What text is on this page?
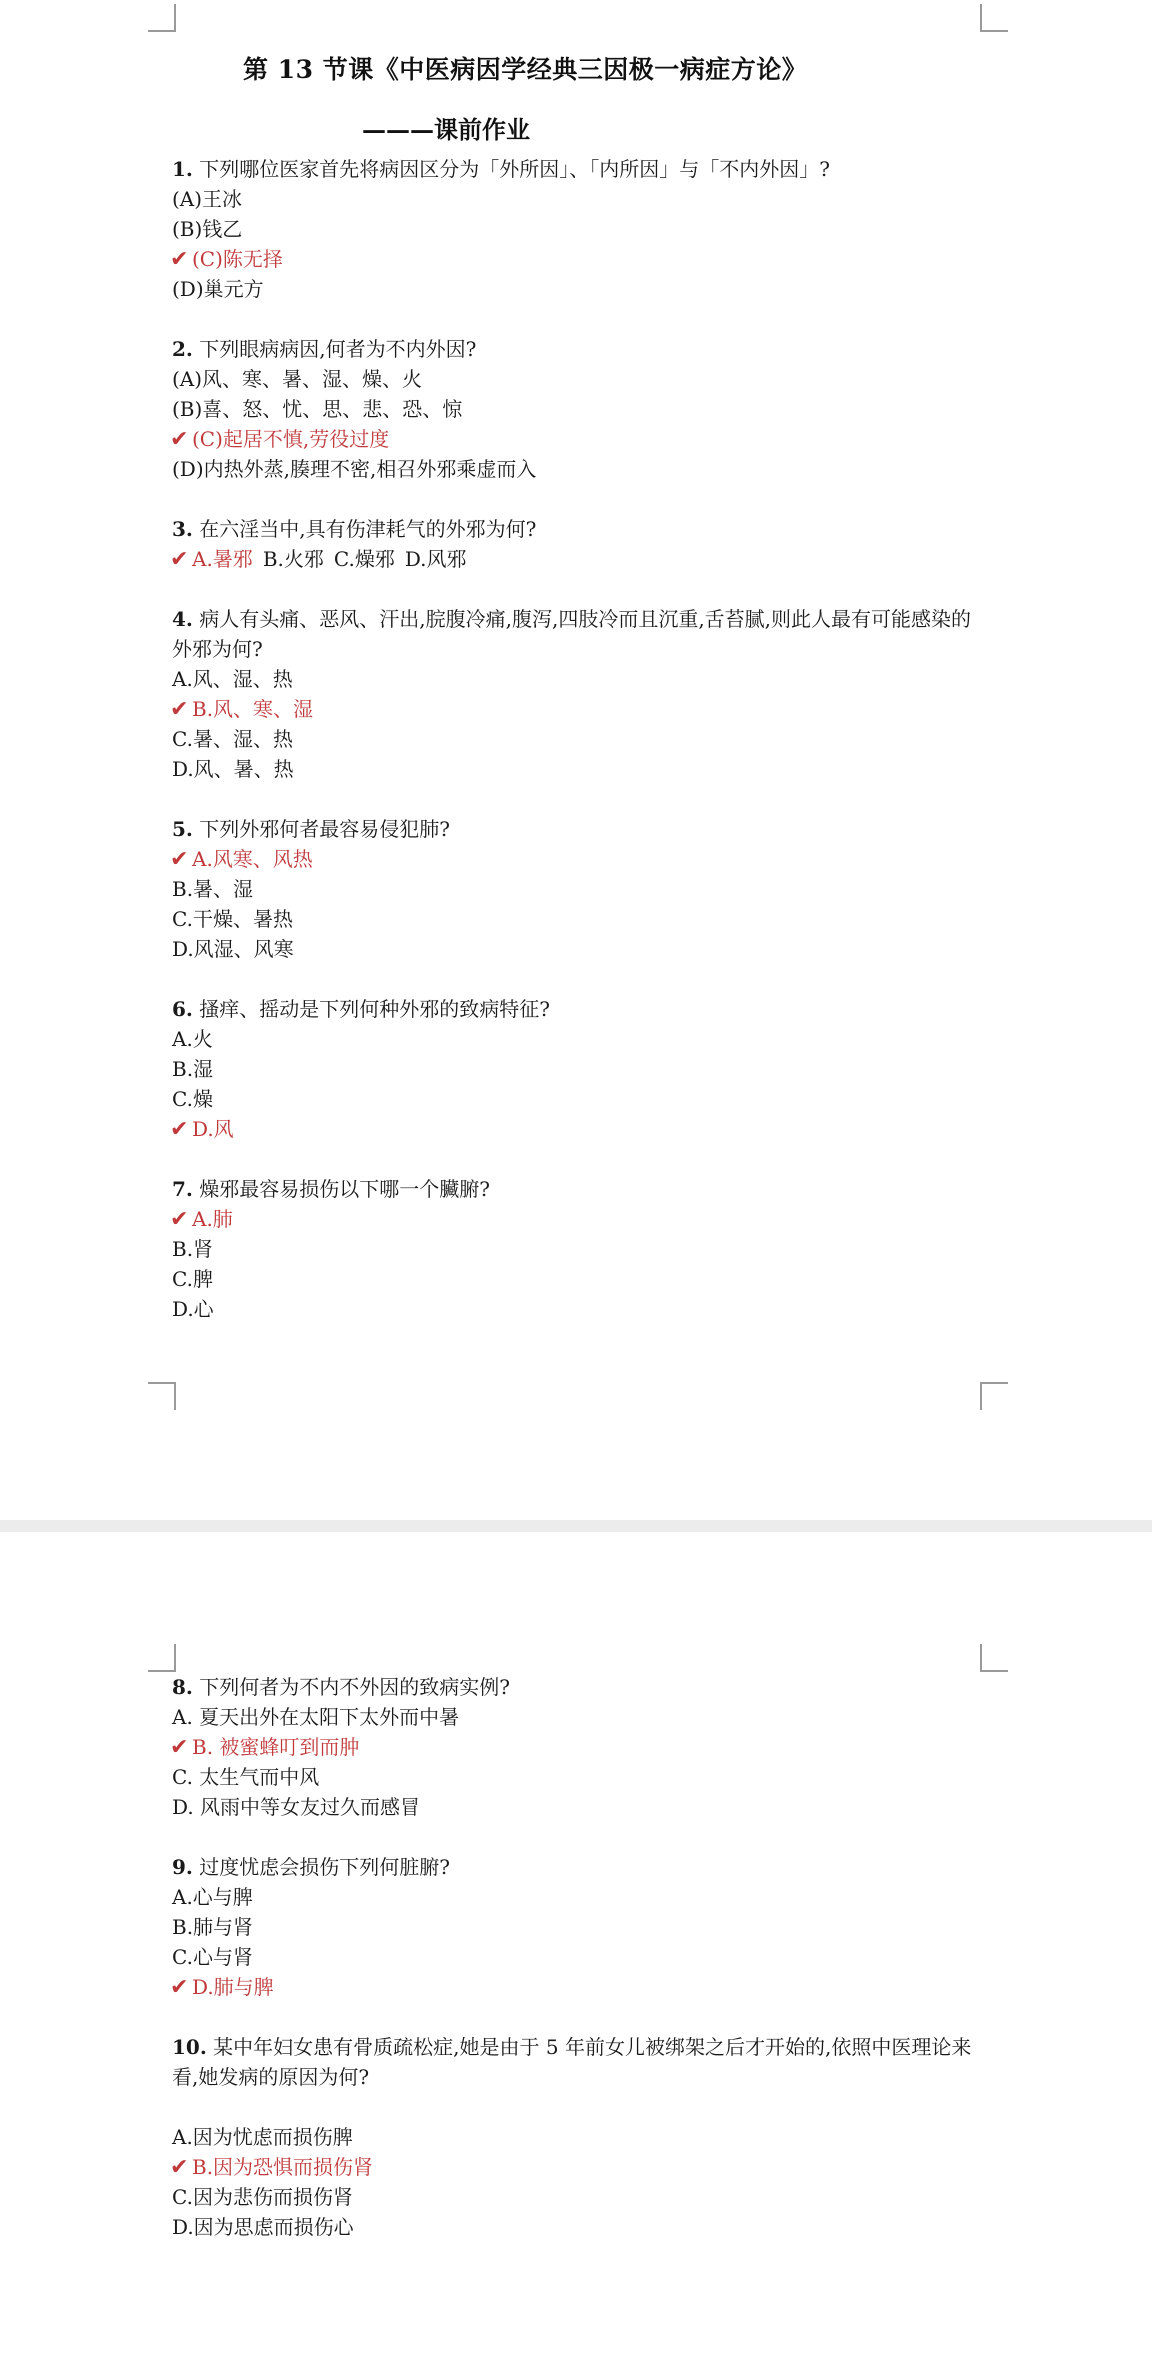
第 13 节课《中医病因学经典三因极一病症方论》
———课前作业
1. 下列哪位医家首先将病因区分为「外所因」、「内所因」与「不内外因」?
(A)王冰
(B)钱乙
✔ (C)陈无择
(D)巢元方
2. 下列眼病病因,何者为不内外因?
(A)风、寒、暑、湿、燥、火
(B)喜、怒、忧、思、悲、恐、惊
✔ (C)起居不慎,劳役过度
(D)内热外蒸,腠理不密,相召外邪乘虚而入
3. 在六淫当中,具有伤津耗气的外邪为何?
✔ A.暑邪 B.火邪 C.燥邪 D.风邪
4. 病人有头痛、恶风、汗出,脘腹冷痛,腹泻,四肢冷而且沉重,舌苔腻,则此人最有可能感染的外邪为何?
A.风、湿、热
✔ B.风、寒、湿
C.暑、湿、热
D.风、暑、热
5. 下列外邪何者最容易侵犯肺?
✔ A.风寒、风热
B.暑、湿
C.干燥、暑热
D.风湿、风寒
6. 搔痒、摇动是下列何种外邪的致病特征?
A.火
B.湿
C.燥
✔ D.风
7. 燥邪最容易损伤以下哪一个臟腑?
✔ A.肺
B.肾
C.脾
D.心
8. 下列何者为不内不外因的致病实例?
A. 夏天出外在太阳下太外而中暑
✔ B. 被蜜蜂叮到而肿
C. 太生气而中风
D. 风雨中等女友过久而感冒
9. 过度忧虑会损伤下列何脏腑?
A.心与脾
B.肺与肾
C.心与肾
✔ D.肺与脾
10. 某中年妇女患有骨质疏松症,她是由于 5 年前女儿被绑架之后才开始的,依照中医理论来看,她发病的原因为何?
A.因为忧虑而损伤脾
✔ B.因为恐惧而损伤肾
C.因为悲伤而损伤肾
D.因为思虑而损伤心
